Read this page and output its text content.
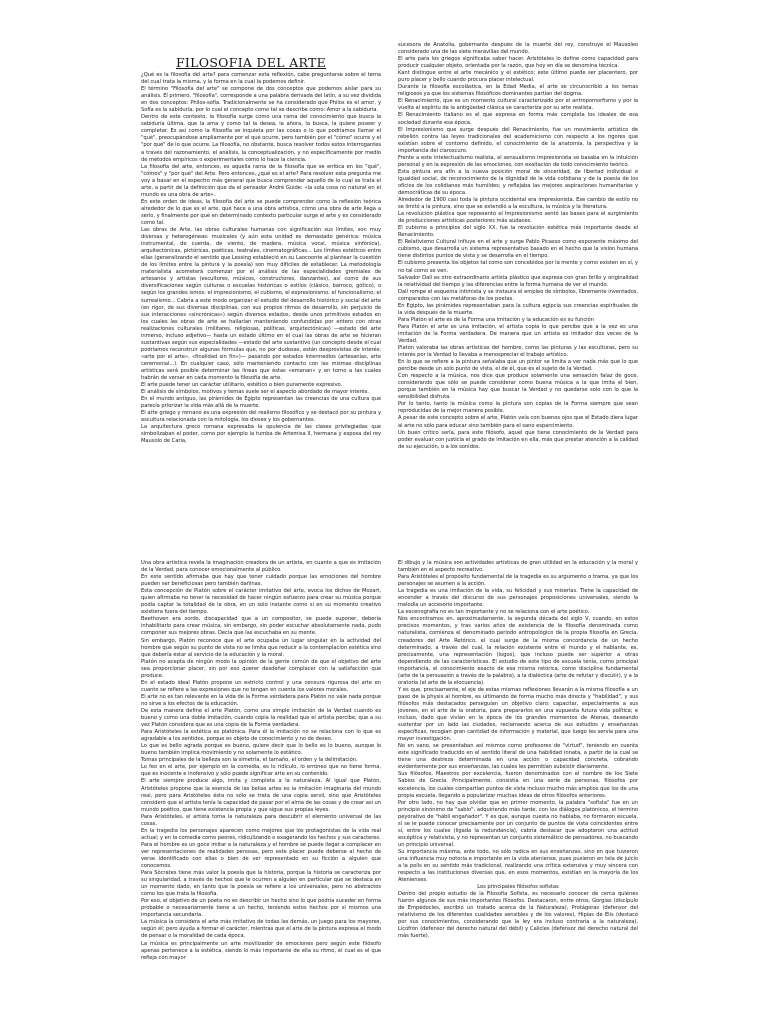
FILOSOFIA DEL ARTE

¿Qué es la filosofía del arte? para comenzar esta reflexión, cabe preguntarse sobre el tema del cual trata la misma, y la forma en la cual la podemos definir.

El término "Filosofía del arte" se compone de dos conceptos que podemos aislar para su análisis. El primero, "filosofía", corresponde a una palabra derivada del latín, a su vez dividida en dos conceptos: Philos-sofía. Tradicionalmente se ha considerado que Philos es el amor, y Sofía es la sabiduría, por lo cual el concepto como tal se describe como: Amor a la sabiduría.

Dentro de este contexto, la filosofía surge como una rama del conocimiento que busca la sabiduría última, que la ama y como tal la desea, la añora, la busca, la quiere poseer y completar. Es así como la filosofía se inquieta por las cosas o lo que podríamos llamar el "qué", preocupándose ampliamente por el qué ocurre, pero también por el "cómo" ocurre y el "por qué" de lo que ocurre. La filosofía, no obstante, busca resolver todos estos interrogantes a través del razonamiento, el análisis, la conceptualización, y no específicamente por medio de métodos empíricos o experimentales como lo hace la ciencia.

La filosofía del arte, entonces, es aquella rama de la filosofía que se enfoca en los "qué", "cómos" y "por qué" del Arte. Pero entonces, ¿qué es el arte? Para resolver esta pregunta me voy a basar en el espectro más general que busca comprender aquello de lo cual se trata el arte, a partir de la definición que da el pensador André Guide: «la sola cosa no natural en el mundo es una obra de arte».

En este orden de ideas, la filosofía del arte se puede comprender como la reflexión teórica alrededor de lo que es el arte, qué hace a una obra artística, cómo una obra de arte llega a serlo, y finalmente por qué en determinado contexto particular surge el arte y es considerado como tal.

Las obras de Arte, las obras culturales humanas con significación sus límites, son muy diversas y heterogéneas: musicales (y aún esta unidad es demasiado genérica: música instrumental, de cuerda, de viento, de madera, música vocal, música sinfónica), arquitectónicas, pictóricas, poéticas, teatrales, cinematográficas... Los límites estéticos entre ellas (generalizando el sentido que Lessing estableció en su Laocoonte al plantear la cuestión de los límites entre la pintura y la poesía) son muy difíciles de establecer. La metodología materialista acometerá comenzar por el análisis de las especialidades gremiales de artesanos y artistas (escultores, músicos, constructores, danzantes), así como de sus diversificaciones según culturas o escuelas históricas o estilos (clásico, barroco, gótico), o según los grandes ismos: el impresionismo, el cubismo, el expresionismo, el funcionalismo, el surrealismo... Cabría a este modo organizar el estudio del desarrollo histórico y social del arte (en rigor, de sus diversas disciplinas, con sus propios ritmos de desarrollo, sin perjuicio de sus interacciones «sincrónicas») según diversos estados, desde unos primitivos estados en los cuales las obras de arte se hallarían manteniendo confundidas por entero con otras realizaciones culturales (militares, religiosas, políticas, arquitectónicas) —estado del arte inmerso, incluso adjetivo— hasta un estado último en el cual las obras de arte se hicieran sustantivas según sus especialidades —estado del arte sustantivo (un concepto desde el cual podríamos reconstruir algunas fórmulas que, no por dudosas, están desprovistas de interés: «arte por el arte», «finalidad sin fin»)— pasando por estados intermedios (artesanías, arte ceremonial...). En cualquier caso, sólo manteniendo contacto con las mismas disciplinas artísticas será posible determinar las líneas que éstas «emanan» y en torno a las cuales habrán de versar en cada momento la filosofía de arte.

El arte puede tener un carácter utilitario, estético o bien puramente expresivo.

El análisis de símbolos, motivos y temas suele ser el aspecto abordado de mayor interés.

En el mundo antiguo, las pirámides de Egipto representan las creencias de una cultura que parecía priorizar la vida más allá de la muerte.

El arte griego y romano es una expresión del realismo filosófico y se destacó por su pintura y escultura relacionada con la mitología, los dioses y los gobernantes.

La arquitectura greco romana expresaba la opulencia de las clases privilegiadas que simbolizaban el poder, como por ejemplo la tumba de Artemisa II, hermana y esposa del rey Mausolo de Caria,

sucesora de Anatolia, gobernante después de la muerte del rey, construye el Mausoleo considerado una de las siete maravillas del mundo.

El arte para los griegos significaba saber hacer. Aristóteles lo define como capacidad para producir cualquier objeto, orientada por la razón, que hoy en día se denomina técnica.

Kant distingue entre el arte mecánico y el estético; este último puede ser placentero, por puro placer y bello cuando procura placer intelectual.

Durante la filosofía escolástica, en la Edad Media, el arte se circunscribió a los temas religiosos ya que los sistemas filosóficos dominantes partían del dogma.

El Renacimiento, que es un momento cultural caracterizado por el antropomorfismo y por la vuelta al espíritu de la antigüedad clásica se caracteriza por su arte realista.

El Renacimiento italiano es el que expresa en forma más completa los ideales de esa sociedad durante esa época.

El Impresionismo que surge después del Renacimiento, fue un movimiento artístico de rebelión contra las leyes tradicionales del academicismo con respecto a los rigores que existían sobre el contorno definido, el conocimiento de la anatomía, la perspectiva y la importancia del claroscuro.

Frente a este intelectualismo realista, el sensualismo impresionista se basaba en la intuición personal y en la expresión de las emociones, con exaltación de todo conocimiento teórico.

Esta pintura era afín a la nueva posición moral de sinceridad, de libertad individual e igualdad social, de reconocimiento de la dignidad de la vida cotidiana y de la poesía de los oficios de los colidianos más humildes; y reflejaba las mejores aspiraciones humanitarias y democráticas de su época.

Alrededor de 1900 casi toda la pintura occidental era impresionista. Ese cambio de estilo no se limitó a la pintura, sino que se extendió a la escultura, la música y la literatura.

La revolución plástica que representó el Impresionismo sentó las bases para el surgimiento de producciones artísticas posteriores más audaces.

El cubismo a principios del siglo XX, fue la revolución estética más importante desde el Renacimiento.

El Relativismo Cultural influye en el arte y surge Pablo Picasso como exponente máximo del cubismo, que desarrolla un sistema representativo basado en el hecho que la visión humana tiene distintos puntos de vista y se desarrolla en el tiempo.

El cubismo presenta los objetos tal como son concebidos por la mente y como existen en sí, y no tal como se ven.

Salvador Dalí es otro extraordinario artista plástico que expresa con gran brillo y originalidad la relatividad del tiempo y las diferencias entre la forma humana de ver el mundo.

Dalí rompe el esquema intimista y se instaura el empleo de símbolos, libremente inventados, comparados con las metáforas de los poetas.

En Egipto, las pirámides representaban para la cultura egipcia sus creencias espirituales de la vida después de la muerte.

Para Platón el arte es de la Forma una imitación y la educación es su función

Para Platón el arte es una imitación, el artista copia lo que percibe que a la vez es una imitación de la Forma verdadera. De manera que un artista es imitador dos veces de la Verdad.

Platón valoraba las obras artísticas del hombre, como las pinturas y las esculturas, pero su interés por la Verdad lo llevaba a menospreciar el trabajo artístico.

En lo que se refiere a la pintura señalaba que un pintor se limita a ver nada más que lo que percibe desde un solo punto de vista, el de él, que es el sujeto de la Verdad.

Con respecto a la música, nos dice que produce solamente una sensación falaz de goce, considerando que sólo se puede considerar como buena música a la que imita el bien, porque también en la música hay que buscar la Verdad y no quedarse solo con lo que la sensibilidad disfruta.

Por lo tanto, tanto la música como la pintura son copias de la Forma siempre que sean reproducidas de la mejor manera posible.

A pesar de este concepto sobre el arte, Platón veía con buenos ojos que el Estado diera lugar al arte no sólo para educar sino también para el sano esparcimiento.

Un buen crítico sería, para este filósofo, aquel que tiene conocimiento de la Verdad para poder evaluar con justicia el grado de imitación en ella, más que prestar atención a la calidad de su ejecución, o a los sonidos.

Una obra artística revela la imaginación creadora de un artista, en cuanto a que es imitación de la Verdad, para conocer emocionalmente al público.

En este sentido afirmaba que hay que tener cuidado porque las emociones del hombre pueden ser beneficiosas pero también dañinas.

Esta concepción de Platón sobre el carácter imitativo del arte, evoca los dichos de Mozart, quien afirmaba no tener la necesidad de hacer ningún esfuerzo para crear su música porque podía captar la totalidad de la obra, en un solo instante como si en su momento creativo existiera fuera del tiempo.

Beethoven era sordo, discapacidad que a un compositor, se puede suponer, debería inhabilitarlo para crear música, sin embargo, sin poder escuchar absolutamente nada, pudo componer sus mejores obras. Decía que las escuchaba en su mente.

Sin embargo, Platón reconoce que el arte ocupaba un lugar singular en la actividad del hombre que según su punto de vista no se limita que reducir a la contemplación estética sino que debería estar al servicio de la educación y la moral.

Platón no acepta de ningún modo la opinión de la gente común de que el objetivo del arte sea proporcionar placer, sin por eso querer desdeñar complacer con la satisfacción que produce.

En el estado ideal Platón propone un estricto control y una censura rigurosa del arte en cuanto se refiere a las expresiones que no tengan en cuenta los valores morales.

El arte no es tan relevante en la vida de la Forma verdadera para Platón no vale nada porque no sirve a los efectos de la educación.

De esta manera define el arte Platón, como una simple imitación de la Verdad cuando es bueno y como una doble imitación, cuando copia la realidad que el artista percibe, que a su vez Platón considera que es una copia de la Forma verdadera.

Para Aristóteles la estética es platónica. Para él la imitación no se relaciona con lo que es agradable a los sentidos, porque es objeto de conocimiento y no de deseo.

Lo que es bello agrada porque es bueno, quiere decir que lo bello es lo bueno, aunque lo bueno también implica movimiento y no solamente lo estático.

Tomas principales de la belleza son la simetría, el tamaño, el orden y la delimitación.

Lo feo en el arte, por ejemplo en la comedia, es lo ridículo, lo erróneo que no tiene forma, que es inocente e inofensivo y sólo puede significar arte en su contenido.

El arte siempre produce algo, imita y completa a la naturaleza. Al igual que Platón, Aristóteles propone que la esencia de las bellas artes es la imitación imaginaria del mundo real, pero para Aristóteles ésta no sólo se trata de una copia servil, sino que Aristóteles consideró que el artista tenía la capacidad de pasar por el alma de las cosas y de crear así un mundo poético, que tiene existencia propia y que sigue sus propias leyes.

Para Aristóteles, el artista toma la naturaleza para descubrir el elemento universal de las cosas.

En la tragedia los personajes aparecen como mejores que los protagonistas de la vida real actual; y en la comedia como peores, ridiculizando o exagerando los hechos y sus caracteres.

Para el hombre es un goce imitar a la naturaleza y el hombre se puede llegar a complacer en ver representaciones de realidades penosas, pero este placer puede deberse al hecho de verse identificado con ellas o bien de ver representado en su ficción a alguien que conocemos.

Para Sócrates tiene más valor la poesía que la historia, porque la historia se caracteriza por su singularidad, a través de hechos que le ocurren a alguien en particular que se destaca en un momento dado, en tanto que la poesía se refiere a los universales, pero no abstractos como los que trata la filosofía.

Por eso, el objetivo de un poeta no es describir un hecho sino lo que podría suceder en forma probable o necesariamente tiene a un hecho, teniendo estos hechos por sí mismos una importancia secundaria.

La música la considera el arte más imitativo de todas las demás, un juego para los mayores, según él; pero ayuda a formar el carácter, mientras que el arte de la pintura expresa el modo de pensar o la moralidad de cada época.

La música es principalmente un arte movilizador de emociones pero según este filósofo apenas pertenece a la estética, siendo lo más importante de ella su ritmo, el cual es el que refleja con mayor

El dibujo y la música son actividades artísticas de gran utilidad en la educación y la moral y también en el aspecto recreativo.

Para Aristóteles el propósito fundamental de la tragedia es su argumento o trama, ya que los personajes se asumen a la acción.

La tragedia es una imitación de la vida, su felicidad y sus miserias. Tiene la capacidad de encender a través del discurso de sus personajes proposiciones universales, siendo la melodía un accesorio importante.

La escenografía no es tan importante y no se relaciona con el arte poético.

Nos encontramos en, aproximadamente, la segunda década del siglo V, cuando, en estos precisos momentos, y tras varios años de existencia de la filosofía denominada como naturalista, comienza el denominado periodo antropológico de la propia filosofía en Grecia, creadores del Arte Retórico, el cual surge de la misma concordancia de un hecho determinado, a través del cual, la relación existente entre el mundo y el hablante, es, precisamente, una representación (logos), que incluso puede ser superior a otras dependiendo de las características. El estudio de este tipo de escuela tenía, como principal importancia, el conocimiento exacto de esa misma retórica, como disciplina fundamental (arte de la persuasión a través de la palabra), a la dialéctica (arte de refutar y discutir), y a la oratoria (el arte de la elocuencia).

Y es que, precisamente, el eje de estas mismas reflexiones llevarán a la misma filosofía a un paso de la physis al hombre, es ultimando de forma mucho más directa y "habilidad", y sus filósofos más destacados perseguían un objetivo claro: capacitar, especialmente a sus jóvenes, en el arte de la oratoria, para prepararlos en una supuesta futura vida política; e incluso, dado que vivían en la época de los grandes momentos de Atenas, deseando sustentar por un lado las ciudades, reclamando acerca de sus estudios y enseñanzas específicas, recogían gran cantidad de información y material, que luego les servía para una mayor investigación.

No en vano, se presentaban así mismos como profesores de "virtud", teniendo en cuenta este significado traducido en el sentido literal de una habilidad innata, a partir de la cual se tiene una destreza determinada en una acción o capacidad concreta, cobrando evidentemente por sus enseñanzas, las cuales les permitían subsistir diariamente.

Sus filósofos, Maestros por excelencia, fueron denominados con el nombre de los Siete Sabios de Grecia. Principalmente, consistía en una serie de personas, filósofos por excelencia, los cuales compartían puntos de vista incluso mucho más amplios que los de una propia escuela, llegando a popularizar muchas ideas de otros filósofos anteriores.

Por otro lado, no hay que olvidar que en primer momento, la palabra "sofista" fue en un principio sinónimo de "sabio", adquiriendo más tarde, con los diálogos platónicos, el término peyorativo de "hábil engañador". Y es que, aunque cuesta no hablaba, no formaron escuela, sí se le puede conocer precisamente por un conjunto de puntos de vista coincidentes entre sí, entre los cuales (ligada la redundancia), cabría destacar que adoptaron una actitud escéptica y relativista, y no representan un conjunto sistemático de pensadores, no buscando un principio universal.

Su importancia máxima, ante todo, no sólo radica en sus enseñanzas, sino en que tuvieron una influencia muy notoria e importante en la vida ateniense, pues pusieron en tela de juicio a la polis en su sentido más tradicional, realizando una crítica extensiva y muy sincera con respecto a las instituciones diversas que, en esos momentos, existían en la mayoría de los Atenienses.

Los principales filósofos sofistas

Dentro del propio estudio de la Filosofía Sofista, es necesario conocer de cerca quiénes fueron algunos de sus más importantes filósofos. Destacaron, entre otros, Gorgias (discípulo de Empédocles, escribió un tratado acerca de la Naturaleza), Protágoras (defensor del relativismo de los diferentes cualidades sensibles y de los valores), Hipias de Elis (destacó por sus conocimientos, considerando que la ley era incluso contraria a la naturaleza), Licofrón (defensor del derecho natural del débil) y Calicles (defensor del derecho natural del más fuerte).
